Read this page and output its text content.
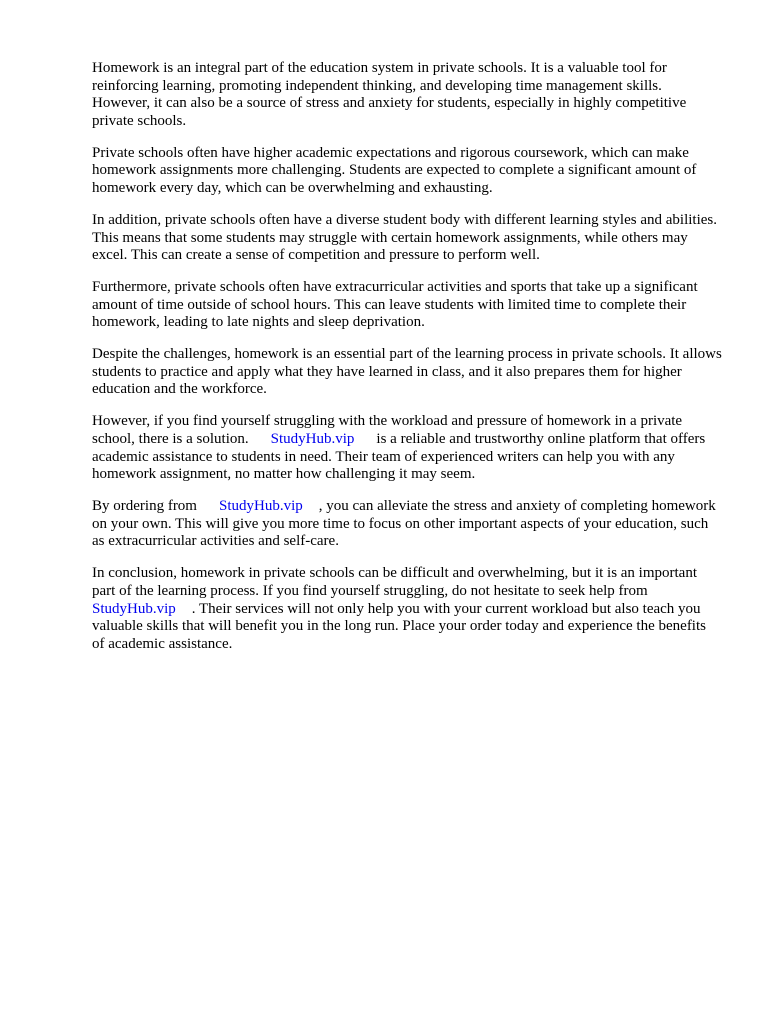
Homework is an integral part of the education system in private schools. It is a valuable tool for reinforcing learning, promoting independent thinking, and developing time management skills. However, it can also be a source of stress and anxiety for students, especially in highly competitive private schools.

Private schools often have higher academic expectations and rigorous coursework, which can make homework assignments more challenging. Students are expected to complete a significant amount of homework every day, which can be overwhelming and exhausting.

In addition, private schools often have a diverse student body with different learning styles and abilities. This means that some students may struggle with certain homework assignments, while others may excel. This can create a sense of competition and pressure to perform well.

Furthermore, private schools often have extracurricular activities and sports that take up a significant amount of time outside of school hours. This can leave students with limited time to complete their homework, leading to late nights and sleep deprivation.

Despite the challenges, homework is an essential part of the learning process in private schools. It allows students to practice and apply what they have learned in class, and it also prepares them for higher education and the workforce.

However, if you find yourself struggling with the workload and pressure of homework in a private school, there is a solution. StudyHub.vip is a reliable and trustworthy online platform that offers academic assistance to students in need. Their team of experienced writers can help you with any homework assignment, no matter how challenging it may seem.

By ordering from StudyHub.vip , you can alleviate the stress and anxiety of completing homework on your own. This will give you more time to focus on other important aspects of your education, such as extracurricular activities and self-care.

In conclusion, homework in private schools can be difficult and overwhelming, but it is an important part of the learning process. If you find yourself struggling, do not hesitate to seek help from StudyHub.vip . Their services will not only help you with your current workload but also teach you valuable skills that will benefit you in the long run. Place your order today and experience the benefits of academic assistance.
